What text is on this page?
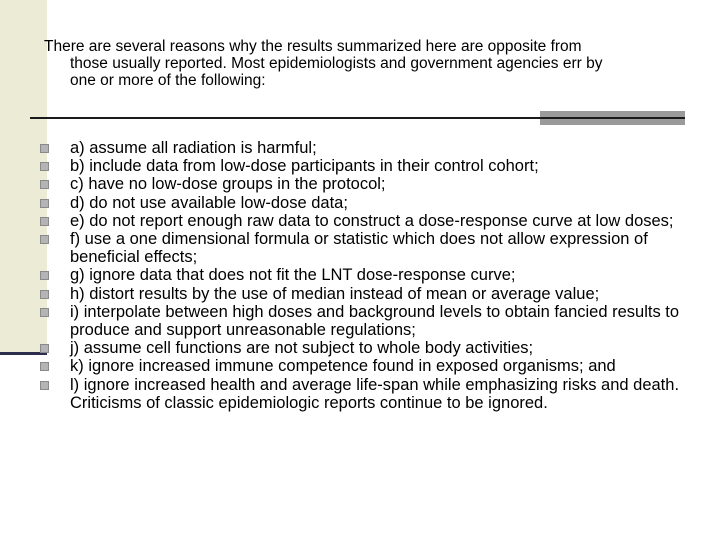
There are several reasons why the results summarized here are opposite from
those usually reported. Most epidemiologists and government agencies err by
one or more of the following:

a) assume all radiation is harmful;
b) include data from low-dose participants in their control cohort;
c) have no low-dose groups in the protocol;
d) do not use available low-dose data;
e) do not report enough raw data to construct a dose-response curve at low doses;
f) use a one dimensional formula or statistic which does not allow expression of beneficial effects;
g) ignore data that does not fit the LNT dose-response curve;
h) distort results by the use of median instead of mean or average value;
i) interpolate between high doses and background levels to obtain fancied results to produce and support unreasonable regulations;
j) assume cell functions are not subject to whole body activities;
k) ignore increased immune competence found in exposed organisms; and
l) ignore increased health and average life-span while emphasizing risks and death. Criticisms of classic epidemiologic reports continue to be ignored.
